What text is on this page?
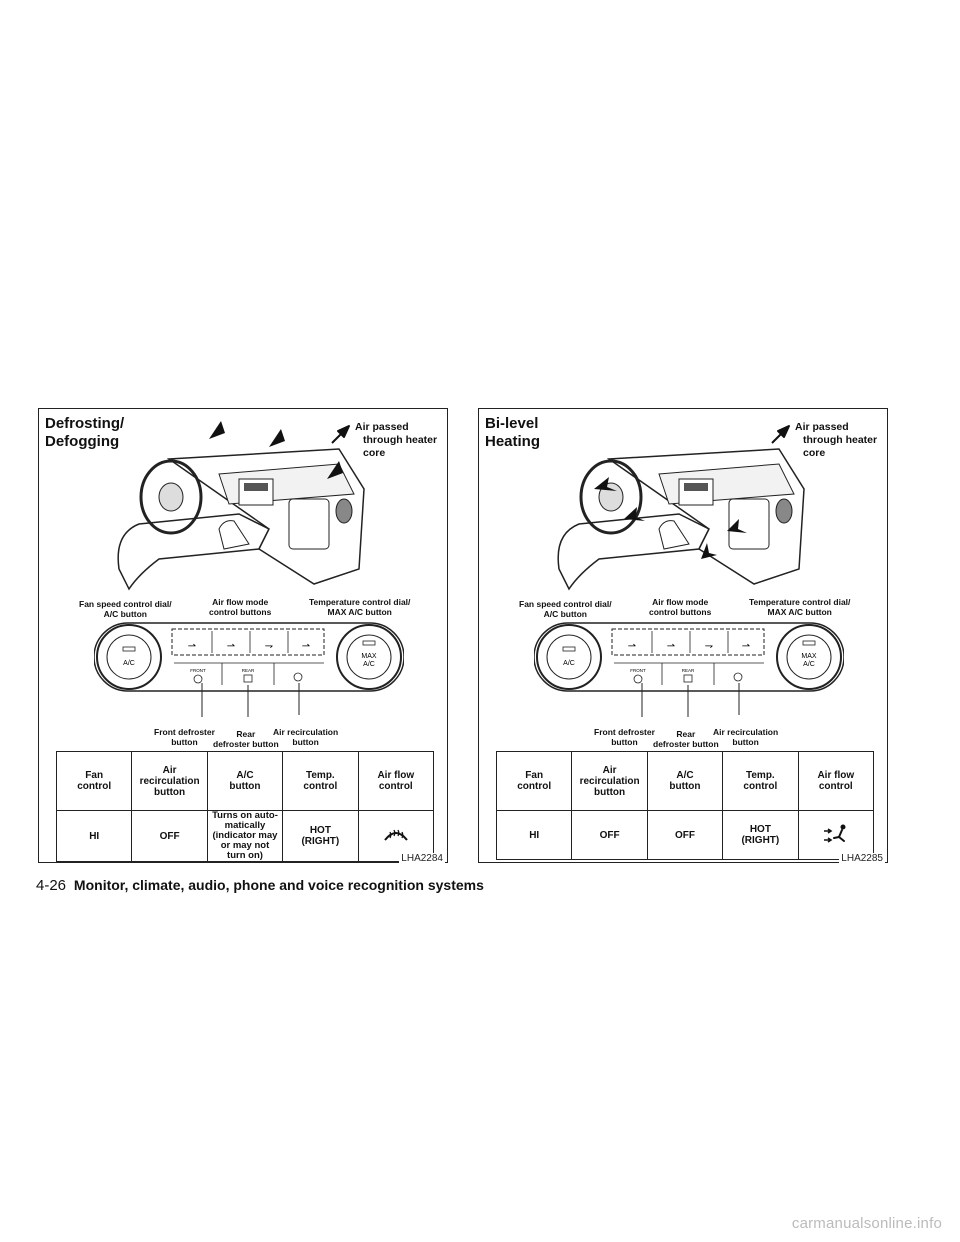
Defrosting/
Defogging
Air passed
through heater
core
Fan speed control dial/
A/C button
Air flow mode
control buttons
Temperature control dial/
MAX A/C button
A/C
MAX
A/C
⇀	⇀	⇁	⇀
FRONT	REAR
Front defroster
button
Rear
defroster button
Air recirculation
button
Fan
control	Air
recirculation
button	A/C
button	Temp.
control	Air flow
control

HI	OFF	Turns on auto-
matically
(indicator may
or may not
turn on)	HOT
(RIGHT)

LHA2284
Bi-level
Heating
Air passed
through heater
core
Fan speed control dial/
A/C button
Air flow mode
control buttons
Temperature control dial/
MAX A/C button
A/C
MAX
A/C
⇀	⇀	⇁	⇀
FRONT	REAR
Front defroster
button
Rear
defroster button
Air recirculation
button
Fan
control	Air
recirculation
button	A/C
button	Temp.
control	Air flow
control

HI	OFF	OFF	HOT
(RIGHT)

LHA2285
4-26 Monitor, climate, audio, phone and voice recognition systems
carmanualsonline.info
